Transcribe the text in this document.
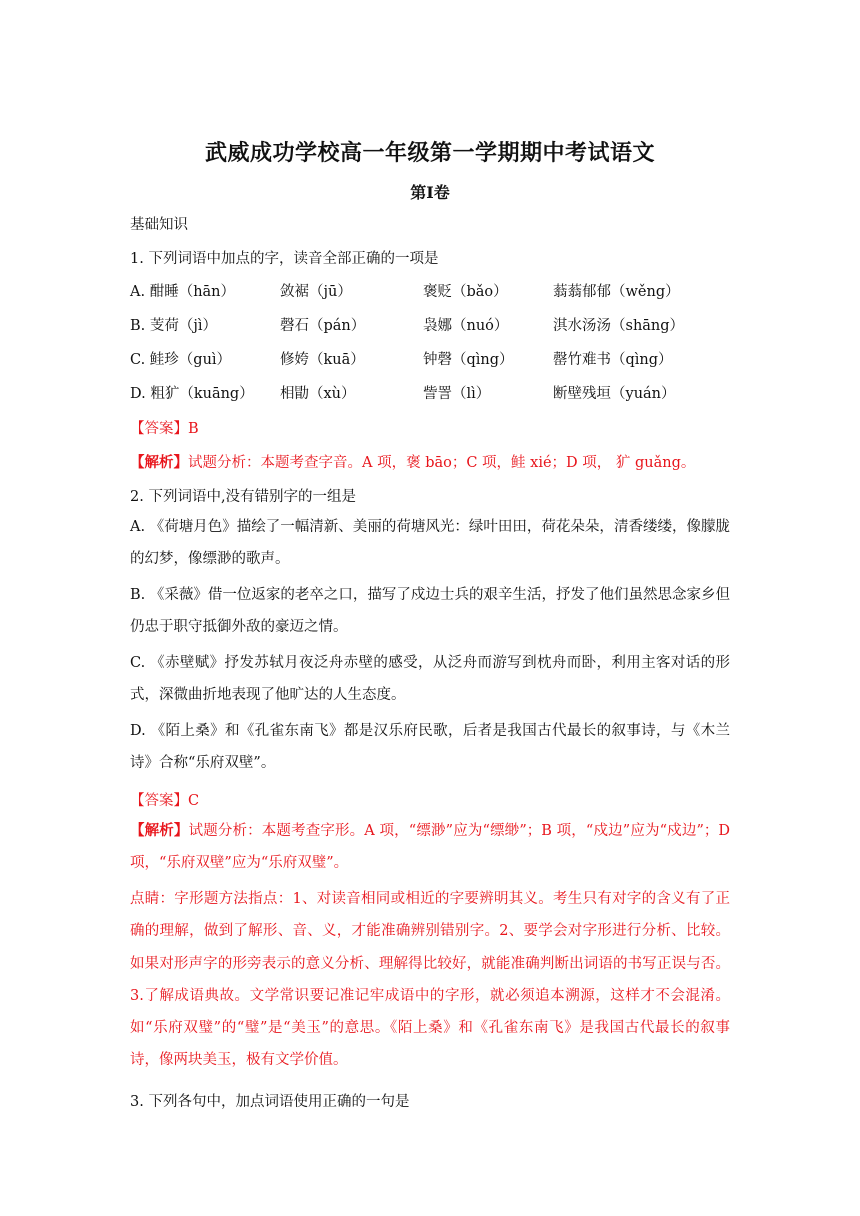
武威成功学校高一年级第一学期期中考试语文
第Ⅰ卷
基础知识
1. 下列词语中加点的字，读音全部正确的一项是
A. 酣睡（hān）	敛裾（jū）	褒贬（bǎo）	蓊蓊郁郁（wěng）
B. 芰荷（jì）	磬石（pán）	袅娜（nuó）	淇水汤汤（shāng）
C. 鲑珍（guì）	修姱（kuā）	钟磬（qìng）	罄竹难书（qìng）
D. 粗犷（kuāng） 相勖（xù）	訾詈（lì）	断壁残垣（yuán）
【答案】B
【解析】试题分析：本题考查字音。A 项，褒 bāo；C 项，鲑 xié；D 项， 犷 guǎng。
2. 下列词语中,没有错别字的一组是
A. 《荷塘月色》描绘了一幅清新、美丽的荷塘风光：绿叶田田，荷花朵朵，清香缕缕，像朦胧的幻梦，像缥渺的歌声。
B. 《采薇》借一位返家的老卒之口，描写了戍边士兵的艰辛生活，抒发了他们虽然思念家乡但仍忠于职守抵御外敌的豪迈之情。
C. 《赤壁赋》抒发苏轼月夜泛舟赤壁的感受，从泛舟而游写到枕舟而卧，利用主客对话的形式，深微曲折地表现了他旷达的人生态度。
D. 《陌上桑》和《孔雀东南飞》都是汉乐府民歌，后者是我国古代最长的叙事诗，与《木兰诗》合称“乐府双壁”。
【答案】C
【解析】试题分析：本题考查字形。A 项，“缥渺”应为“缥缈”；B 项，“戍边”应为“戍边”；D 项，“乐府双壁”应为“乐府双璧”。
点睛：字形题方法指点：1、对读音相同或相近的字要辨明其义。考生只有对字的含义有了正确的理解，做到了解形、音、义，才能准确辨别错别字。2、要学会对字形进行分析、比较。如果对形声字的形旁表示的意义分析、理解得比较好，就能准确判断出词语的书写正误与否。3.了解成语典故。文学常识要记准记牢成语中的字形，就必须追本溯源，这样才不会混淆。如“乐府双璧”的“璧”是“美玉”的意思。《陌上桑》和《孔雀东南飞》是我国古代最长的叙事诗，像两块美玉，极有文学价值。
3. 下列各句中，加点词语使用正确的一句是
